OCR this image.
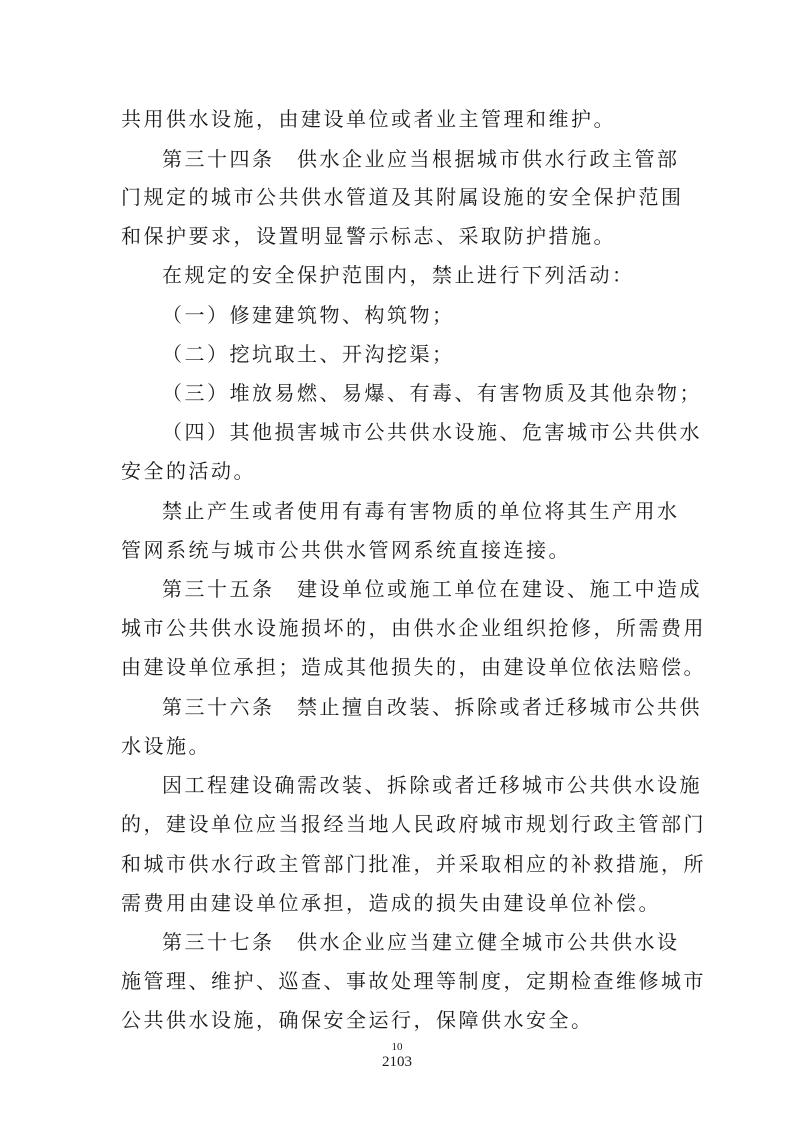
共用供水设施，由建设单位或者业主管理和维护。
第三十四条　供水企业应当根据城市供水行政主管部
门规定的城市公共供水管道及其附属设施的安全保护范围
和保护要求，设置明显警示标志、采取防护措施。
在规定的安全保护范围内，禁止进行下列活动：
（一）修建建筑物、构筑物；
（二）挖坑取土、开沟挖渠；
（三）堆放易燃、易爆、有毒、有害物质及其他杂物；
（四）其他损害城市公共供水设施、危害城市公共供水
安全的活动。
禁止产生或者使用有毒有害物质的单位将其生产用水
管网系统与城市公共供水管网系统直接连接。
第三十五条　建设单位或施工单位在建设、施工中造成
城市公共供水设施损坏的，由供水企业组织抢修，所需费用
由建设单位承担；造成其他损失的，由建设单位依法赔偿。
第三十六条　禁止擅自改装、拆除或者迁移城市公共供
水设施。
因工程建设确需改装、拆除或者迁移城市公共供水设施
的，建设单位应当报经当地人民政府城市规划行政主管部门
和城市供水行政主管部门批准，并采取相应的补救措施，所
需费用由建设单位承担，造成的损失由建设单位补偿。
第三十七条　供水企业应当建立健全城市公共供水设
施管理、维护、巡查、事故处理等制度，定期检查维修城市
公共供水设施，确保安全运行，保障供水安全。
10
2103
